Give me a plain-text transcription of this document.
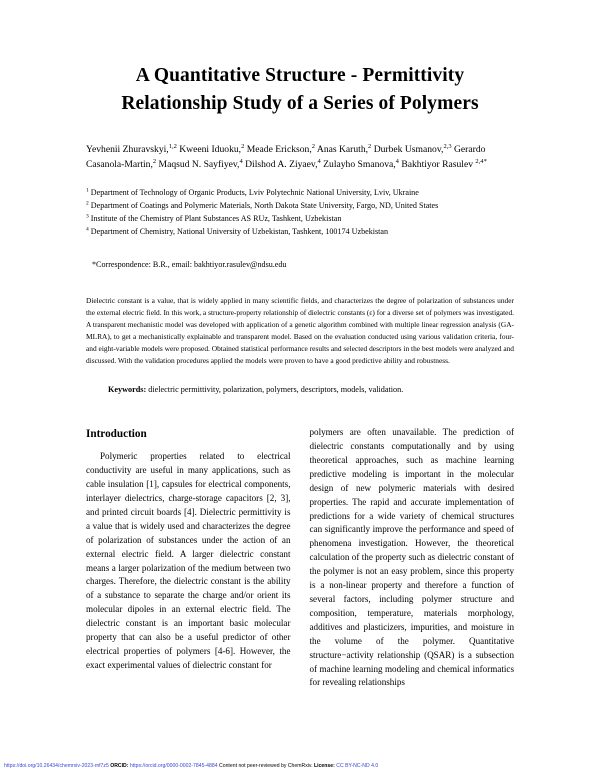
A Quantitative Structure - Permittivity
Relationship Study of a Series of Polymers
Yevhenii Zhuravskyi,$^{1,2}$ Kweeni Iduoku,$^2$ Meade Erickson,$^2$ Anas Karuth,$^2$ Durbek Usmanov,$^{2,3}$ Gerardo Casanola-Martin,$^2$ Maqsud N. Sayfiyev,$^4$ Dilshod A. Ziyaev,$^4$ Zulayho Smanova,$^4$ Bakhtiyor Rasulev $^{2,4*}$
$^1$ Department of Technology of Organic Products, Lviv Polytechnic National University, Lviv, Ukraine
$^2$ Department of Coatings and Polymeric Materials, North Dakota State University, Fargo, ND, United States
$^3$ Institute of the Chemistry of Plant Substances AS RUz, Tashkent, Uzbekistan
$^4$ Department of Chemistry, National University of Uzbekistan, Tashkent, 100174 Uzbekistan
*Correspondence: B.R., email: bakhtiyor.rasulev@ndsu.edu
Dielectric constant is a value, that is widely applied in many scientific fields, and characterizes the degree of polarization of substances under the external electric field. In this work, a structure-property relationship of dielectric constants (ε) for a diverse set of polymers was investigated. A transparent mechanistic model was developed with application of a genetic algorithm combined with multiple linear regression analysis (GA-MLRA), to get a mechanistically explainable and transparent model. Based on the evaluation conducted using various validation criteria, four- and eight-variable models were proposed. Obtained statistical performance results and selected descriptors in the best models were analyzed and discussed. With the validation procedures applied the models were proven to have a good predictive ability and robustness.
Keywords: dielectric permittivity, polarization, polymers, descriptors, models, validation.
Introduction

Polymeric properties related to electrical conductivity are useful in many applications, such as cable insulation [1], capsules for electrical components, interlayer dielectrics, charge-storage capacitors [2, 3], and printed circuit boards [4]. Dielectric permittivity is a value that is widely used and characterizes the degree of polarization of substances under the action of an external electric field. A larger dielectric constant means a larger polarization of the medium between two charges. Therefore, the dielectric constant is the ability of a substance to separate the charge and/or orient its molecular dipoles in an external electric field. The dielectric constant is an important basic molecular property that can also be a useful predictor of other electrical properties of polymers [4-6]. However, the exact experimental values of dielectric constant for

polymers are often unavailable. The prediction of dielectric constants computationally and by using theoretical approaches, such as machine learning predictive modeling is important in the molecular design of new polymeric materials with desired properties. The rapid and accurate implementation of predictions for a wide variety of chemical structures can significantly improve the performance and speed of phenomena investigation. However, the theoretical calculation of the property such as dielectric constant of the polymer is not an easy problem, since this property is a non-linear property and therefore a function of several factors, including polymer structure and composition, temperature, materials morphology, additives and plasticizers, impurities, and moisture in the volume of the polymer. Quantitative structure−activity relationship (QSAR) is a subsection of machine learning modeling and chemical informatics for revealing relationships

https://doi.org/10.26434/chemrxiv-2023-mf7z5 ORCID: https://orcid.org/0000-0002-7845-4884 Content not peer-reviewed by ChemRxiv. License: CC BY-NC-ND 4.0
